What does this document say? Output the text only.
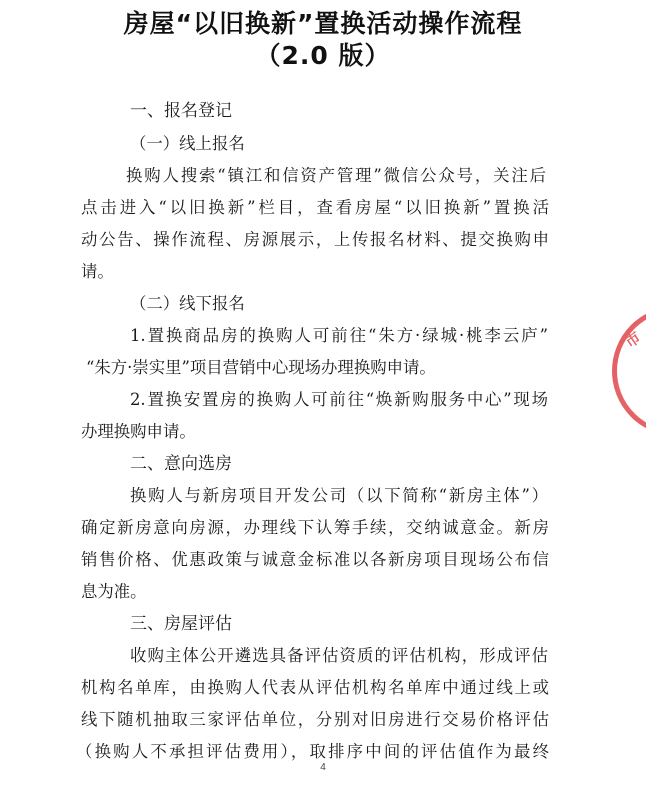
房屋“以旧换新”置换活动操作流程
（2.0 版）
一、报名登记
（一）线上报名
换购人搜索“镇江和信资产管理”微信公众号，关注后
点击进入“以旧换新”栏目，查看房屋“以旧换新”置换活
动公告、操作流程、房源展示，上传报名材料、提交换购申
请。
（二）线下报名
1.置换商品房的换购人可前往“朱方·绿城·桃李云庐”
“朱方·崇实里”项目营销中心现场办理换购申请。
2.置换安置房的换购人可前往“焕新购服务中心”现场
办理换购申请。
二、意向选房
换购人与新房项目开发公司（以下简称“新房主体”）
确定新房意向房源，办理线下认筹手续，交纳诚意金。新房
销售价格、优惠政策与诚意金标准以各新房项目现场公布信
息为准。
三、房屋评估
收购主体公开遴选具备评估资质的评估机构，形成评估
机构名单库，由换购人代表从评估机构名单库中通过线上或
线下随机抽取三家评估单位，分别对旧房进行交易价格评估
（换购人不承担评估费用），取排序中间的评估值作为最终
4
市
